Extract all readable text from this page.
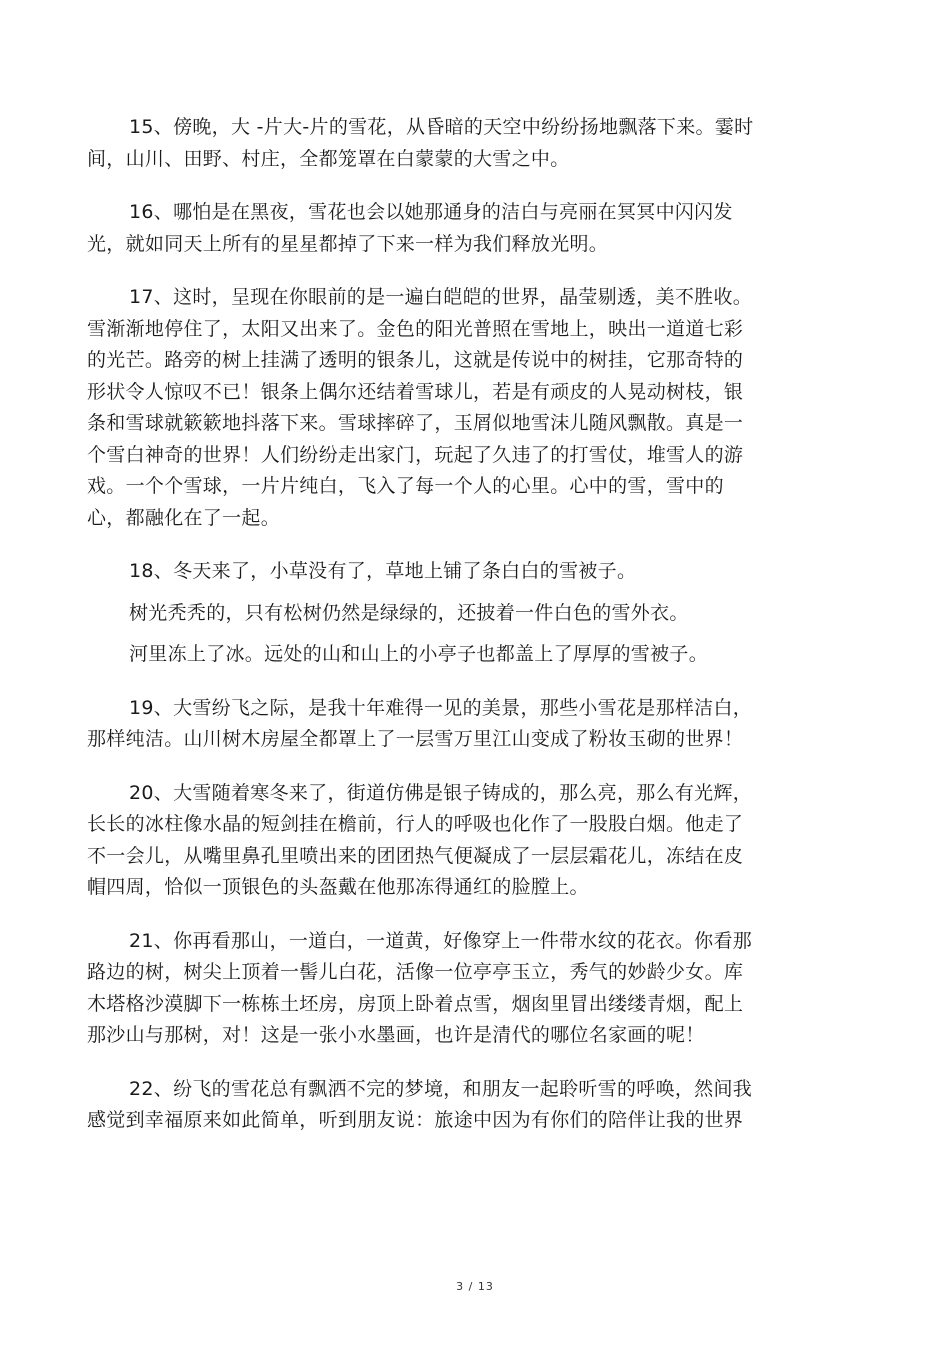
15、傍晚，大 -片大-片的雪花，从昏暗的天空中纷纷扬地飘落下来。霎时
间，山川、田野、村庄，全都笼罩在白蒙蒙的大雪之中。

16、哪怕是在黑夜，雪花也会以她那通身的洁白与亮丽在冥冥中闪闪发
光，就如同天上所有的星星都掉了下来一样为我们释放光明。

17、这时，呈现在你眼前的是一遍白皑皑的世界，晶莹剔透，美不胜收。
雪渐渐地停住了，太阳又出来了。金色的阳光普照在雪地上，映出一道道七彩
的光芒。路旁的树上挂满了透明的银条儿，这就是传说中的树挂，它那奇特的
形状令人惊叹不已！银条上偶尔还结着雪球儿，若是有顽皮的人晃动树枝，银
条和雪球就簌簌地抖落下来。雪球摔碎了，玉屑似地雪沫儿随风飘散。真是一
个雪白神奇的世界！人们纷纷走出家门，玩起了久违了的打雪仗，堆雪人的游
戏。一个个雪球，一片片纯白，飞入了每一个人的心里。心中的雪，雪中的
心，都融化在了一起。

18、冬天来了，小草没有了，草地上铺了条白白的雪被子。

树光秃秃的，只有松树仍然是绿绿的，还披着一件白色的雪外衣。

河里冻上了冰。远处的山和山上的小亭子也都盖上了厚厚的雪被子。

19、大雪纷飞之际，是我十年难得一见的美景，那些小雪花是那样洁白，
那样纯洁。山川树木房屋全都罩上了一层雪万里江山变成了粉妆玉砌的世界！

20、大雪随着寒冬来了，街道仿佛是银子铸成的，那么亮，那么有光辉，
长长的冰柱像水晶的短剑挂在檐前，行人的呼吸也化作了一股股白烟。他走了
不一会儿，从嘴里鼻孔里喷出来的团团热气便凝成了一层层霜花儿，冻结在皮
帽四周，恰似一顶银色的头盔戴在他那冻得通红的脸膛上。

21、你再看那山，一道白，一道黄，好像穿上一件带水纹的花衣。你看那
路边的树，树尖上顶着一髻儿白花，活像一位亭亭玉立，秀气的妙龄少女。库
木塔格沙漠脚下一栋栋土坯房，房顶上卧着点雪，烟囱里冒出缕缕青烟，配上
那沙山与那树，对！这是一张小水墨画，也许是清代的哪位名家画的呢！

22、纷飞的雪花总有飘洒不完的梦境，和朋友一起聆听雪的呼唤，然间我
感觉到幸福原来如此简单，听到朋友说：旅途中因为有你们的陪伴让我的世界

3 / 13
